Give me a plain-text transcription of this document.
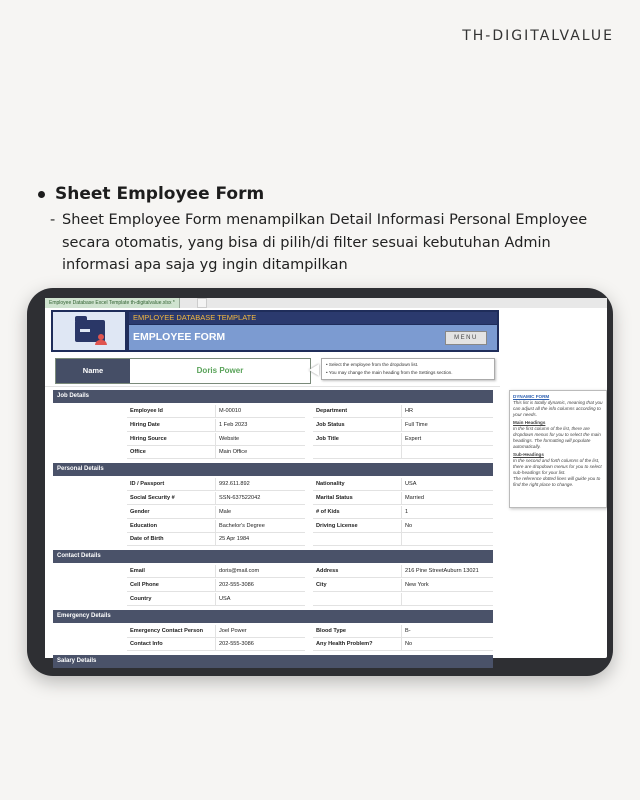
TH-DIGITALVALUE
Sheet Employee Form
- Sheet Employee Form menampilkan Detail Informasi Personal Employee secara otomatis, yang bisa di pilih/di filter sesuai kebutuhan Admin informasi apa saja yg ingin ditampilkan
Employee Database Excel Template th-digitalvalue.xlsx *
EMPLOYEE DATABASE TEMPLATE
EMPLOYEE FORM	MENU
Name	Doris Power
• Select the employee from the dropdown list.
• You may change the main heading from the Settings section.
Job Details
Employee Id	M-00010	Department	HR
Hiring Date	1 Feb 2023	Job Status	Full Time
Hiring Source	Website	Job Title	Expert
Office	Main Office
Personal Details
ID / Passport	992.611.892	Nationality	USA
Social Security #	SSN-637522042	Marital Status	Married
Gender	Male	# of Kids	1
Education	Bachelor's Degree	Driving License	No
Date of Birth	25 Apr 1984
Contact Details
Email	doris@mail.com	Address	216 Pine StreetAuburn 13021
Cell Phone	202-555-3086	City	New York
Country	USA
Emergency Details
Emergency Contact Person	Joel Power	Blood Type	B-
Contact Info	202-555-3086	Any Health Problem?	No
Salary Details
DYNAMIC FORM
This list is totally dynamic, meaning that you can adjust all the info columns according to your needs.
Main Headings
In the first column of the list, there are dropdown menus for you to select the main headings. The formatting will populate automatically.
Sub-Headings
In the second and forth columns of the list, there are dropdown menus for you to select sub-headings for your list.
The reference dotted lines will guide you to find the right place to change.
